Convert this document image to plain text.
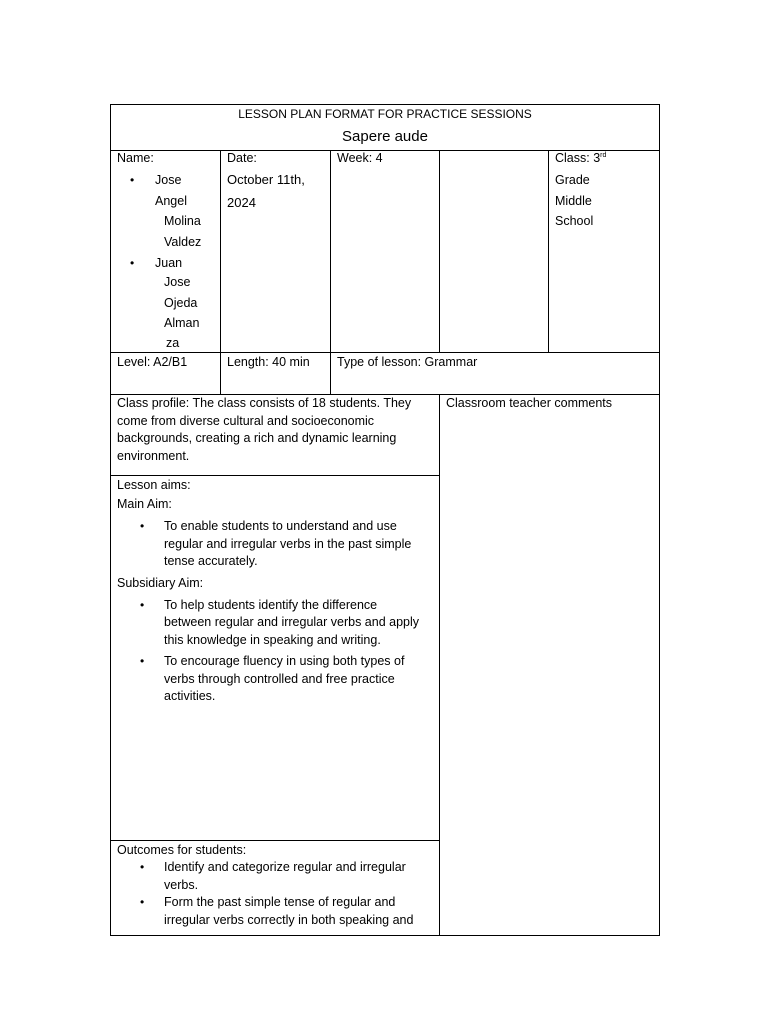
LESSON PLAN FORMAT FOR PRACTICE SESSIONS
Sapere aude
Name:
• Jose
Angel
Molina
Valdez
• Juan
Jose
Ojeda
Alman
za
Date:
October 11th,
2024
Week: 4	Class: 3rd
Grade
Middle
School
Level: A2/B1	Length: 40 min Type of lesson: Grammar
Class profile: The class consists of 18 students. They
come from diverse cultural and socioeconomic
backgrounds, creating a rich and dynamic learning
environment.
Classroom teacher comments
Lesson aims:
Main Aim:
• To enable students to understand and use
regular and irregular verbs in the past simple
tense accurately.
Subsidiary Aim:
• To help students identify the difference
between regular and irregular verbs and apply
this knowledge in speaking and writing.
• To encourage fluency in using both types of
verbs through controlled and free practice
activities.
Outcomes for students:
• Identify and categorize regular and irregular
verbs.
• Form the past simple tense of regular and
irregular verbs correctly in both speaking and
